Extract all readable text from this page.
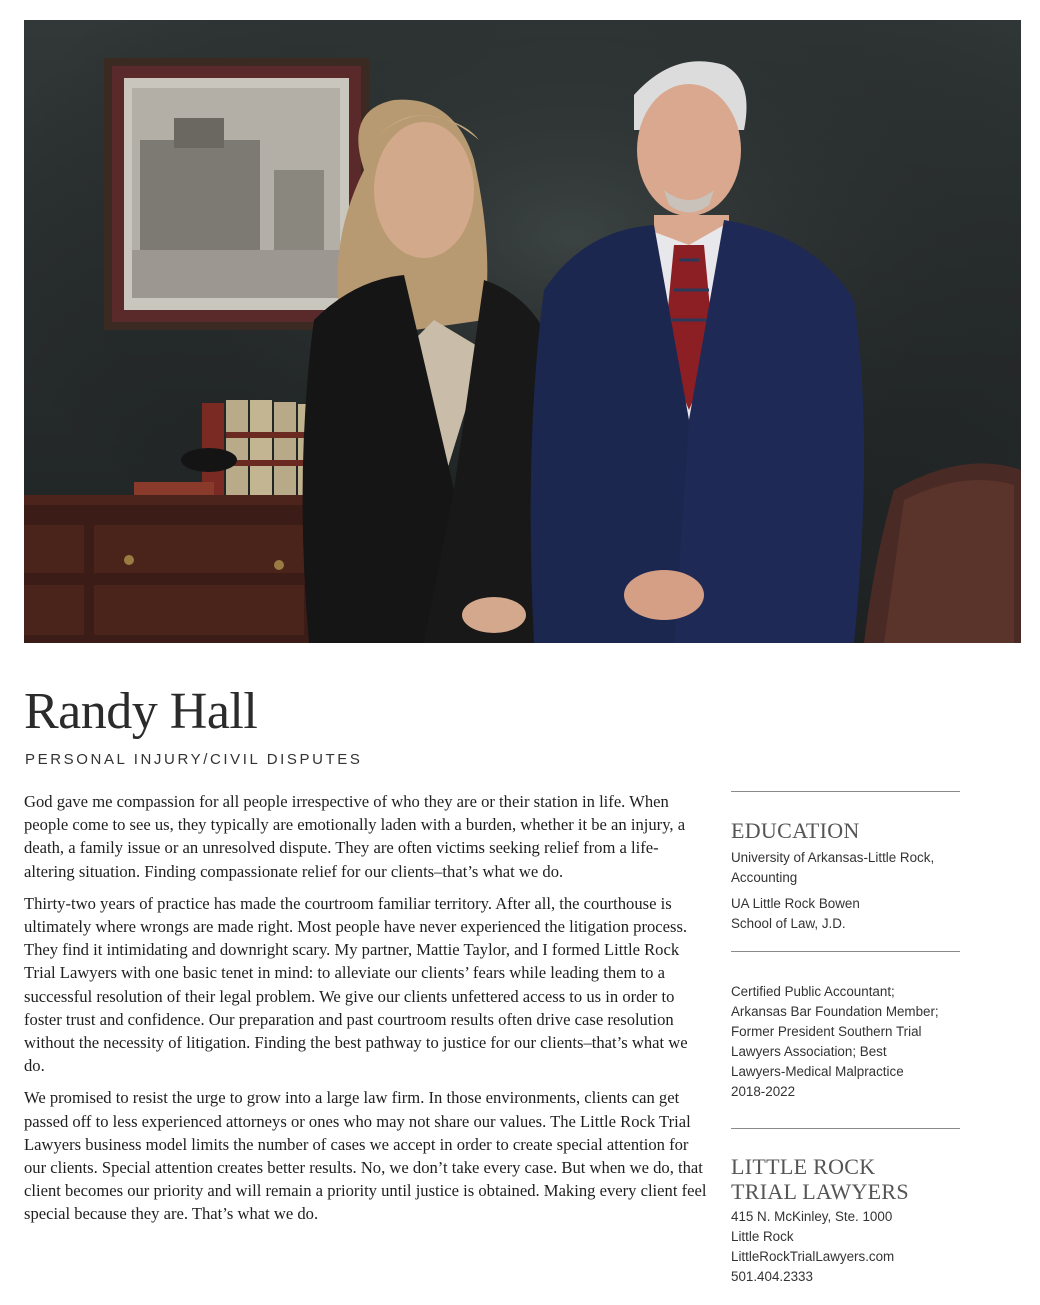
Randy Hall
PERSONAL INJURY/CIVIL DISPUTES

God gave me compassion for all people irrespective of who they are or their station in life. When people come to see us, they typically are emotionally laden with a burden, whether it be an injury, a death, a family issue or an unresolved dispute. They are often victims seeking relief from a life-altering situation. Finding compassionate relief for our clients–that’s what we do.

Thirty-two years of practice has made the courtroom familiar territory. After all, the courthouse is ultimately where wrongs are made right. Most people have never experienced the litigation process. They find it intimidating and downright scary. My partner, Mattie Taylor, and I formed Little Rock Trial Lawyers with one basic tenet in mind: to alleviate our clients’ fears while leading them to a successful resolution of their legal problem. We give our clients unfettered access to us in order to foster trust and confidence. Our preparation and past courtroom results often drive case resolution without the necessity of litigation. Finding the best pathway to justice for our clients–that’s what we do.

We promised to resist the urge to grow into a large law firm. In those environments, clients can get passed off to less experienced attorneys or ones who may not share our values. The Little Rock Trial Lawyers business model limits the number of cases we accept in order to create special attention for our clients. Special attention creates better results. No, we don’t take every case. But when we do, that client becomes our priority and will remain a priority until justice is obtained. Making every client feel special because they are. That’s what we do.

EDUCATION

University of Arkansas-Little Rock,

Accounting

UA Little Rock Bowen

School of Law, J.D.

Certified Public Accountant;

Arkansas Bar Foundation Member;

Former President Southern Trial

Lawyers Association; Best

Lawyers-Medical Malpractice

2018-2022

LITTLE ROCK
TRIAL LAWYERS

415 N. McKinley, Ste. 1000

Little Rock

LittleRockTrialLawyers.com

501.404.2333
